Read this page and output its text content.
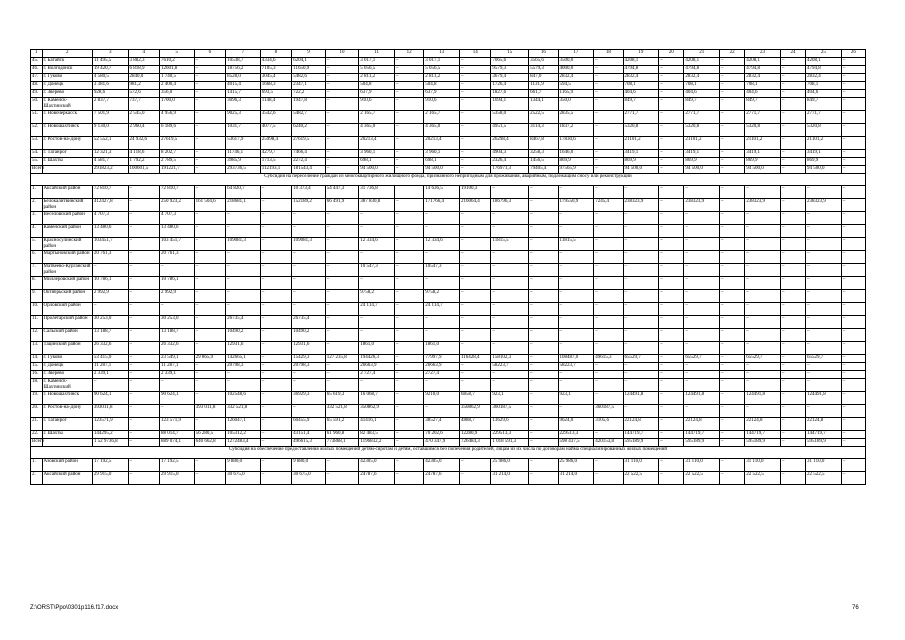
1	2	3	4	5	6	7	8	9	10	11	12	13	14	15	16	17	18	19	20	21	22	23	24	25	26
45.	г. Батайск	11 495,5	3 882,3	7610,2	–	10538,7	4334,6	6204,1	–	3 017,1	–	3 017,1	–	7065,6	3565,6	3500,0	–	4208,1	–	4208,1	–	4208,1	–	4208,1	–
46.	г. Волгодонск	19 420,7	6 818,9	12601,8	–	18756,2	7105,3	11650,9	–	5 056,5	–	5 056,5	–	9579,3	5579,3	4000,0	–	4794,8	–	4794,8	–	4794,8	–	4794,8	–
47.	г. Гуково	4 580,5	2840,0	1 740,5	–	8528,0	3045,4	5482,6	–	2 811,2	–	2 811,2	–	3679,4	847,0	2832,4	–	2832,4	–	2832,4	–	2832,4	–	2832,4	–
48.	г. Донецк	3 381,6	981,2	2 400,4	–	4015,4	1668,3	2347,1	–	504,8	–	504,8	–	1726,4	1131,9	594,5	–	708,1	–	708,1	–	708,1	–	708,1	–
49.	г. Зверево	928,6	572,6	356,0	–	1415,7	693,5	722,2	–	637,9	–	637,9	–	1827,6	661,7	1165,9	–	404,6	–	404,6	–	404,6	–	404,6	–
50.	г. Каменск-Шахтинский	2 837,7	737,7	1700,0	–	3096,3	1148,4	1947,8	–	910,6	–	910,6	–	1694,1	1344,1	350,0	–	849,7	–	849,7	–	849,7	–	849,7	–
51.	г. Новочеркасск	7 501,9	2 545,0	4 956,9	–	9025,3	3542,6	5482,7	–	2 165,7	–	2 165,7	–	5358,0	2522,5	2835,5	–	2771,7	–	2771,7	–	2771,7	–	2771,7	–
52.	г. Новошахтинск	9 130,0	2 960,4	6 189,6	–	1031,7	4077,5	6240,2	–	4 365,0	–	4 365,0	–	4951,5	3114,3	1837,2	–	5320,8	–	5320,8	–	5320,8	–	5320,8	–
53.	г. Ростов-на-Дону	52 552,1	24 932,6	27619,5	–	53617,9	25998,4	27619,5	–	20213,4	–	20213,4	–	26298,4	8467,8	17830,6	–	21101,2	–	21101,2	–	21101,2	–	21101,2	–
54.	г. Таганрог	12 321,3	4 118,6	8 202,7	–	11746,1	4279,7	7466,4	–	3 960,1	–	3 960,1	–	4904,3	3258,3	1646,0	–	3419,1	–	3419,1	–	3419,1	–	3419,1	–
55.	г. Шахты	4 581,7	1 792,2	2 789,5	–	3985,9	1713,5	2272,4	–	698,1	–	698,1	–	2326,4	1456,5	869,9	–	869,9	–	869,9	–	869,9	–	869,9	–
Всего		291823,2	100601,5	191221,7	–	293736,5	112193,1	181543,4	–	94 500,0	–	94 500,0	–	176971,3	79405,4	97565,9	–	94 500,0	–	94 500,0	–	94 500,0	–	94 500,0	–
Субсидия на переселение граждан из многоквартирного жилищного фонда, признанного непригодным для проживания, аварийным, подлежащим сносу или реконструкции																									
1.	Аксайский район	72 810,7	–	72 810,7	–	64 820,7	–	10 373,4	54 447,3	31 736,8		14 636,5	19100,3	–	–	–	–	–	–	–	–	–	–	–	–
2.	Белокалитвинский район	412427,8	–	250 923,2	161 504,6	218681,1	–	152189,2	66 491,9	387 830,8	–	171766,4	216064,4	186796,3	–	179550,9	7245,4	238323,9	–	238323,9	–	238323,9	–	238323,9	–
3.	Веселовский район	4 707,3	–	4 707,3	–	–	–	–	–	–	–	–	–	–	–	–	–	–	–	–	–	–	–	–	–
4.	Каменский район	13 480,6	–	13 480,6	–	–	–	–	–	–	–	–	–	–	–	–	–	–	–	–	–	–	–	–	–
5.	Красносулинский район	103451,7	–	103 451,7	–	109081,3	–	109081,3	–	12 334,6	–	12 334,6	–	11815,5	–	11815,5	–	–	–	–	–	–	–	–	–
6.	Мартыновский район	20 761,3	–	20 761,3	–	–	–	–	–	–	–	–	–	–	–	–	–	–	–	–	–	–	–	–	–
7.	Матвеево-Курганский район	–	–	–	–	–	–	–	–	10 547,3	–	10547,3	–	–	–	–	–	–	–	–	–	–	–	–	–
8.	Миллеровский район	10 786,1	–	10 786,1	–	–	–	–	–	–	–	–	–	–	–	–	–	–	–	–	–	–	–	–	–
9.	Октябрьский район	2 992,9	–	2 992,9	–	–	–	–	–	9758,2	–	9758,2	–	–	–	–	–	–	–	–	–	–	–	–	–
10.	Орловский район	–	–	–	–	–	–	–	–	24 114,7	–	24 114,7	–	–	–	–	–	–	–	–	–	–	–	–	–
11.	Пролетарский район	30 253,0	–	30 253,0	–	26735,4	–	26735,4	–	–	–	–	–	–	–	–	–	–	–	–	–	–	–	–	–
12.	Сальский район	13 188,7	–	13 188,7	–	10490,2	–	10490,2	–	–	–	–	–	–	–	–	–	–	–	–	–	–	–	–	–
13.	Тацинский район	26 332,6	–	26 332,6	–	12931,6	–	12931,6	–	1861,0	–	1861,0	–	–	–	–	–	–	–	–	–	–	–	–	–
14.	г. Гуково	53 415,0	–	23 549,1	29 865,9	142665,1	–	15429,3	127 235,8	194426,3	–	77997,9	116428,4	158102,3	–	108487,0	49615,3	65529,7	–	65529,7	–	65529,7	–	65529,7	–
15.	г. Донецк	11 287,1	–	11 287,1	–	20798,3	–	20798,3	–	26663,9	–	26663,9	–	58223,7	–	58223,7	–	–	–	–	–	–	–	–	–
16.	г. Зверево	2 339,1	–	2 339,1	–	–	–	–	–	2 727,4	–	2727,4	–	–	–	–	–	–	–	–	–	–	–	–	–
18.	г. Каменск-Шахтинский	–	–	–	–	–	–	–	–	–	–	–	–	–	–	–	–	–	–	–	–	–	–	–	–
19.	г. Новошахтинск	90 624,1	–	90 624,1	–	102548,6	–	36929,3	65 619,3	16 068,7	–	9210,0	6858,7	923,1	–	923,1	–	124491,8	–	124491,8	–	124491,8	–	124491,8	–
20.	г. Ростов-на-Дону	393011,8	–	–	393 011,8	332 521,8	–	–	332 521,8	350862,9	–	–	350862,9	360187,5	–	–	360187,5	–	–	–	–	–	–	–	–
21.	г. Таганрог	123571,9	–	123 571,9	–	126047,1	–	60455,9	65 591,2	41416,1	–	38527,4	4888,7	13629,6	–	9624,0	3105,6	22124,8	–	22124,8	–	22124,8	–	22124,8	–
22.	г. Шахты	144295,2	–	88 014,7	56 280,5	105312,2	–	43151,4	61 960,8	82 483,5	–	70 202,6	12280,9	229513,3	–	229513,3	–	144719,7	–	144719,7	–	144719,7	–	144719,7	–
Всего		1 52 9736,8	–	889 074,1	640 662,8	1272483,4	–	496615,3	773868,1	1196832,2	–	470 347,9	726484,3	1 018 591,3	–	598 437,5	420153,8	595189,9	–	595189,9	–	595189,9	–	595189,9	–
Субсидия на обеспечение предоставления жилых помещений детям-сиротам и детям, оставшимся без попечения родителей, лицам из их числа по договорам найма специализированных жилых помещений																									
1.	Азовский район	17 192,5	–	17 192,5	–	9 880,0	–	9 880,0	–	42305,0	–	42305,0	–	25 986,0	–	25 986,0	–	31 110,0	–	31 110,0	–	31 110,0	–	31 110,0	–
2.	Аксайский район	29 915,0	–	29 915,0	–	30 675,0	–	30 675,0	–	24787,6	–	24787,6	–	31 214,0	–	31 214,0	–	22 522,5	–	22 522,5	–	22 522,5	–	22 522,5	–
Z:\ORST\Ppo\0301p116.f17.docx	76
